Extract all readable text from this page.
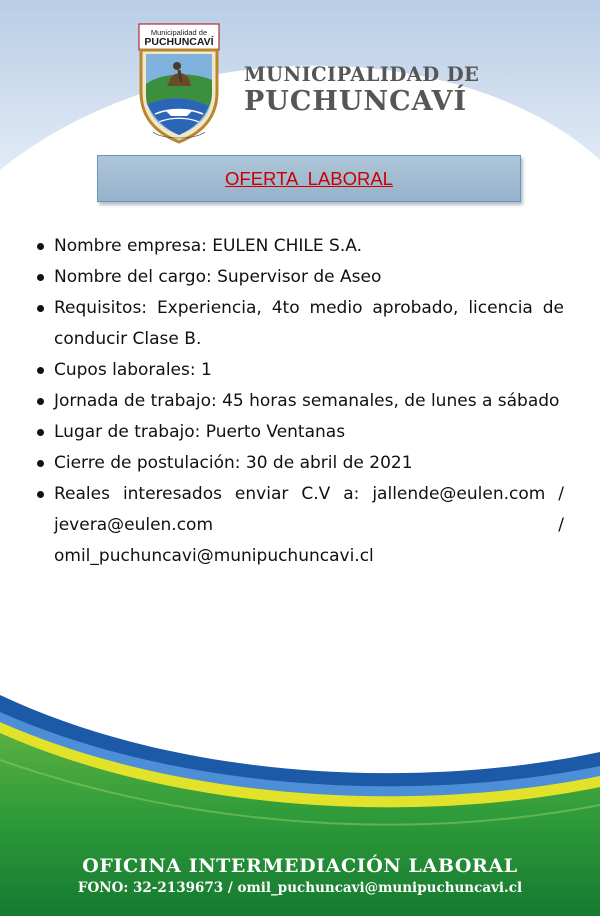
Municipalidad de
PUCHUNCAVÍ
MUNICIPALIDAD DE
PUCHUNCAVÍ
OFERTA  LABORAL
Nombre empresa: EULEN CHILE S.A.
Nombre del cargo: Supervisor de Aseo
Requisitos: Experiencia, 4to medio aprobado, licencia de
conducir Clase B.
Cupos laborales: 1
Jornada de trabajo: 45 horas semanales, de lunes a sábado
Lugar de trabajo: Puerto Ventanas
Cierre de postulación: 30 de abril de 2021
Reales interesados enviar C.V a: jallende@eulen.com /
jevera@eulen.com	/
omil_puchuncavi@munipuchuncavi.cl
OFICINA INTERMEDIACIÓN LABORAL
FONO: 32-2139673 / omil_puchuncavi@munipuchuncavi.cl
